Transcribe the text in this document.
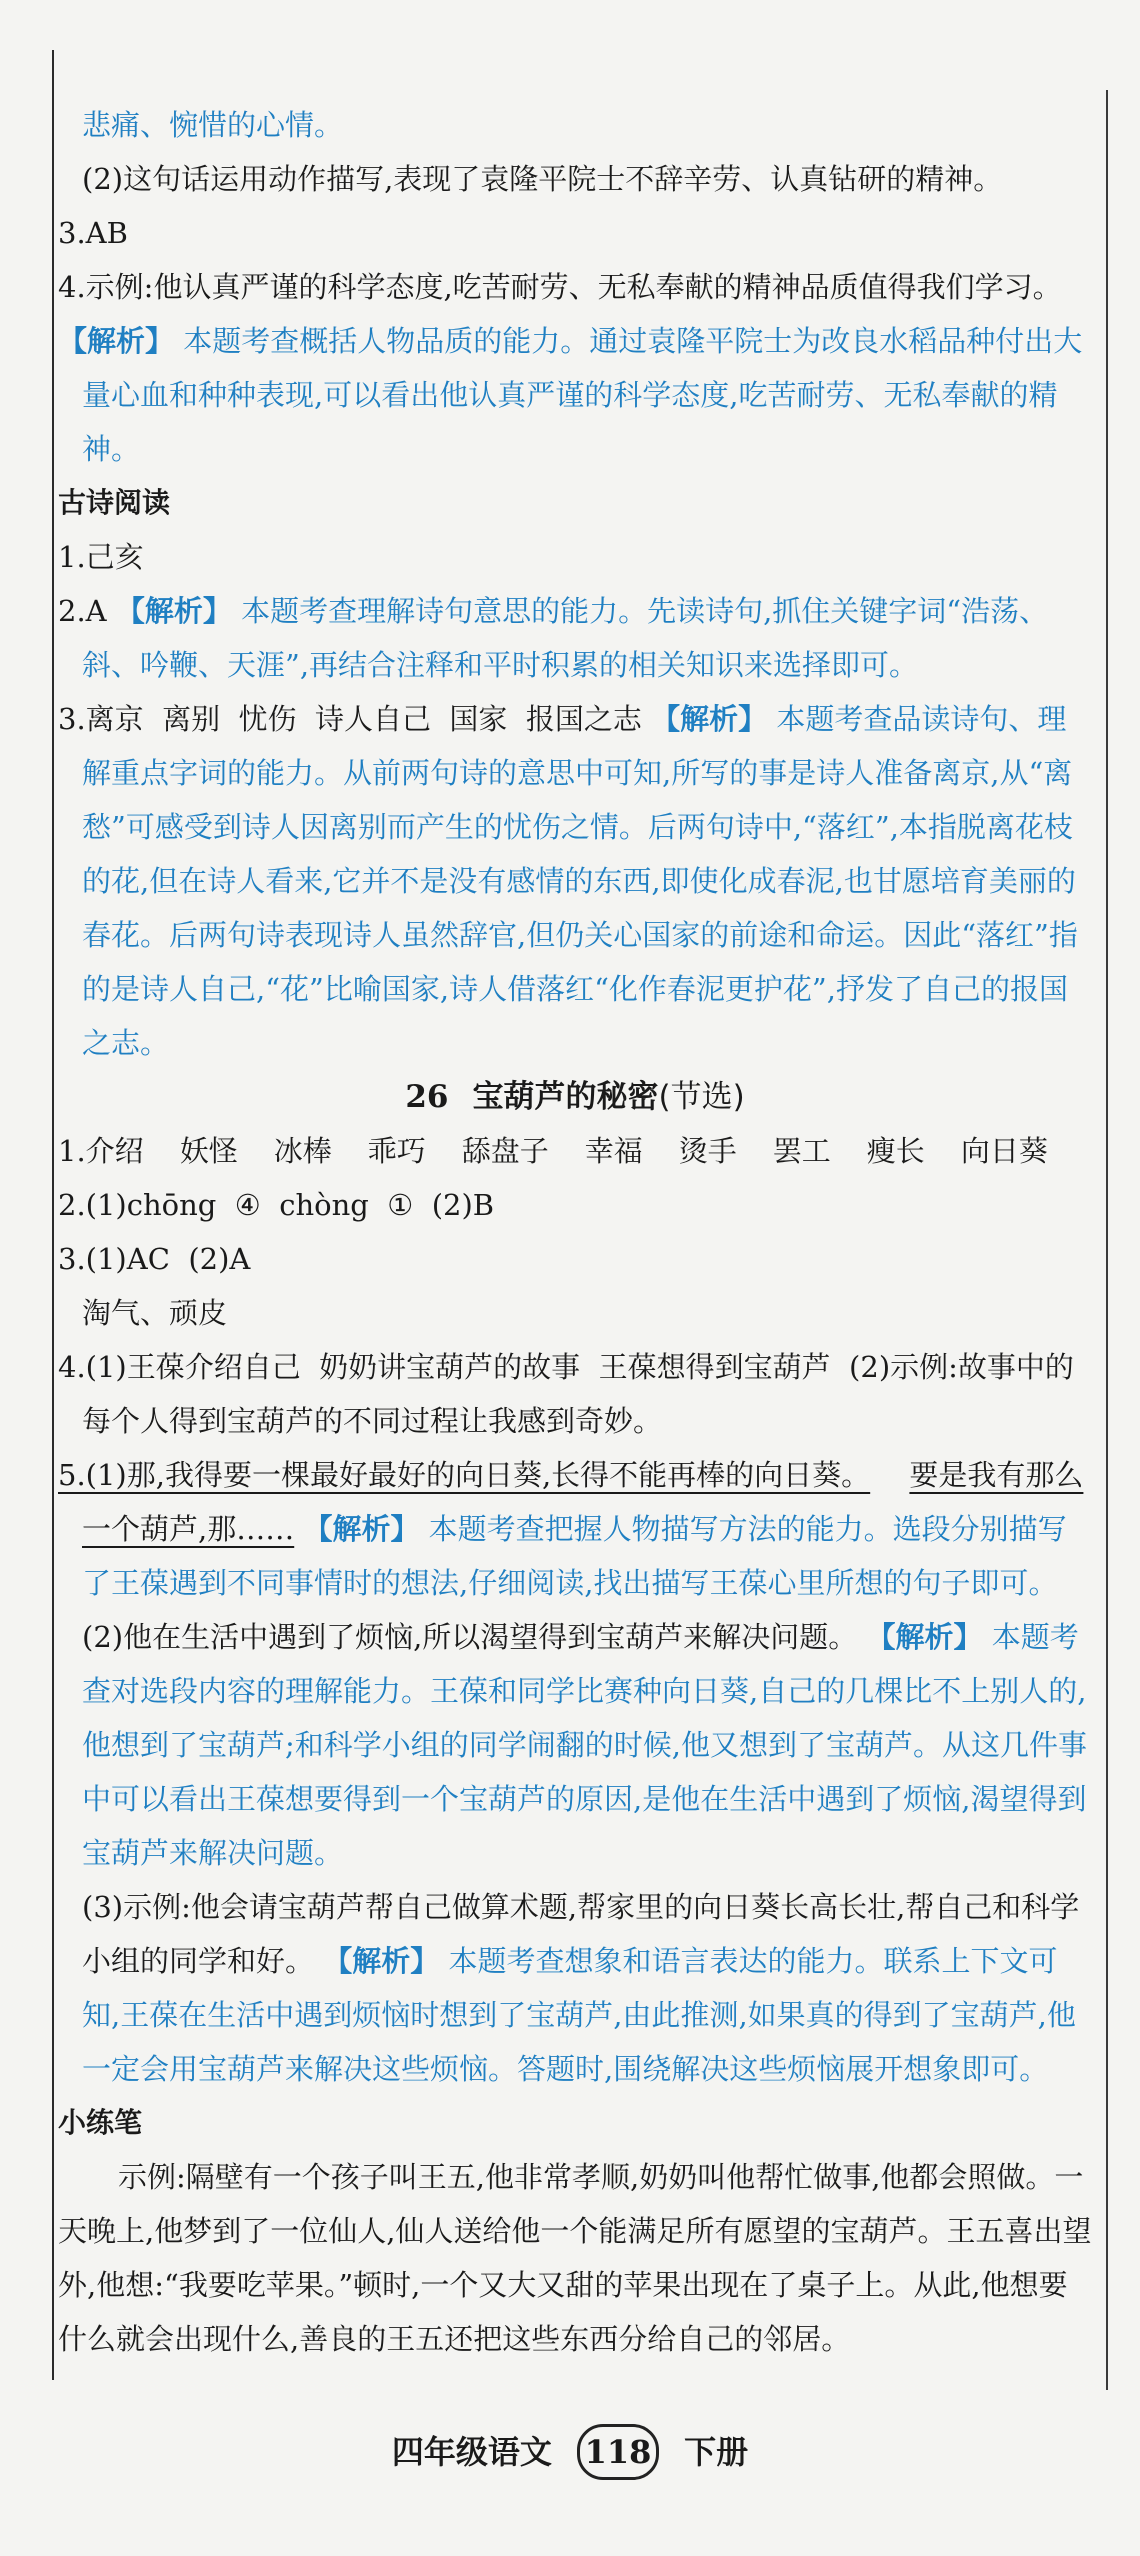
悲痛、惋惜的心情。

(2)这句话运用动作描写,表现了袁隆平院士不辞辛劳、认真钻研的精神。

3.AB

4.示例:他认真严谨的科学态度,吃苦耐劳、无私奉献的精神品质值得我们学习。

【解析】 本题考查概括人物品质的能力。通过袁隆平院士为改良水稻品种付出大量心血和种种表现,可以看出他认真严谨的科学态度,吃苦耐劳、无私奉献的精神。

古诗阅读

1.己亥

2.A 【解析】 本题考查理解诗句意思的能力。先读诗句,抓住关键字词“浩荡、斜、吟鞭、天涯”,再结合注释和平时积累的相关知识来选择即可。

3.离京  离别  忧伤  诗人自己  国家  报国之志 【解析】 本题考查品读诗句、理解重点字词的能力。从前两句诗的意思中可知,所写的事是诗人准备离京,从“离愁”可感受到诗人因离别而产生的忧伤之情。后两句诗中,“落红”,本指脱离花枝的花,但在诗人看来,它并不是没有感情的东西,即使化成春泥,也甘愿培育美丽的春花。后两句诗表现诗人虽然辞官,但仍关心国家的前途和命运。因此“落红”指的是诗人自己,“花”比喻国家,诗人借落红“化作春泥更护花”,抒发了自己的报国之志。

26 宝葫芦的秘密(节选)

1.介绍 妖怪 冰棒 乖巧 舔盘子 幸福 烫手 罢工 瘦长 向日葵

2.(1)chōng  ④  chòng  ①  (2)B

3.(1)AC  (2)A

淘气、顽皮

4.(1)王葆介绍自己  奶奶讲宝葫芦的故事  王葆想得到宝葫芦  (2)示例:故事中的每个人得到宝葫芦的不同过程让我感到奇妙。

5.(1)那,我得要一棵最好最好的向日葵,长得不能再棒的向日葵。 要是我有那么一个葫芦,那…… 【解析】 本题考查把握人物描写方法的能力。选段分别描写了王葆遇到不同事情时的想法,仔细阅读,找出描写王葆心里所想的句子即可。

(2)他在生活中遇到了烦恼,所以渴望得到宝葫芦来解决问题。 【解析】 本题考查对选段内容的理解能力。王葆和同学比赛种向日葵,自己的几棵比不上别人的,他想到了宝葫芦;和科学小组的同学闹翻的时候,他又想到了宝葫芦。从这几件事中可以看出王葆想要得到一个宝葫芦的原因,是他在生活中遇到了烦恼,渴望得到宝葫芦来解决问题。

(3)示例:他会请宝葫芦帮自己做算术题,帮家里的向日葵长高长壮,帮自己和科学小组的同学和好。 【解析】 本题考查想象和语言表达的能力。联系上下文可知,王葆在生活中遇到烦恼时想到了宝葫芦,由此推测,如果真的得到了宝葫芦,他一定会用宝葫芦来解决这些烦恼。答题时,围绕解决这些烦恼展开想象即可。

小练笔

示例:隔壁有一个孩子叫王五,他非常孝顺,奶奶叫他帮忙做事,他都会照做。一天晚上,他梦到了一位仙人,仙人送给他一个能满足所有愿望的宝葫芦。王五喜出望外,他想:“我要吃苹果。”顿时,一个又大又甜的苹果出现在了桌子上。从此,他想要什么就会出现什么,善良的王五还把这些东西分给自己的邻居。

四年级语文 118 下册
